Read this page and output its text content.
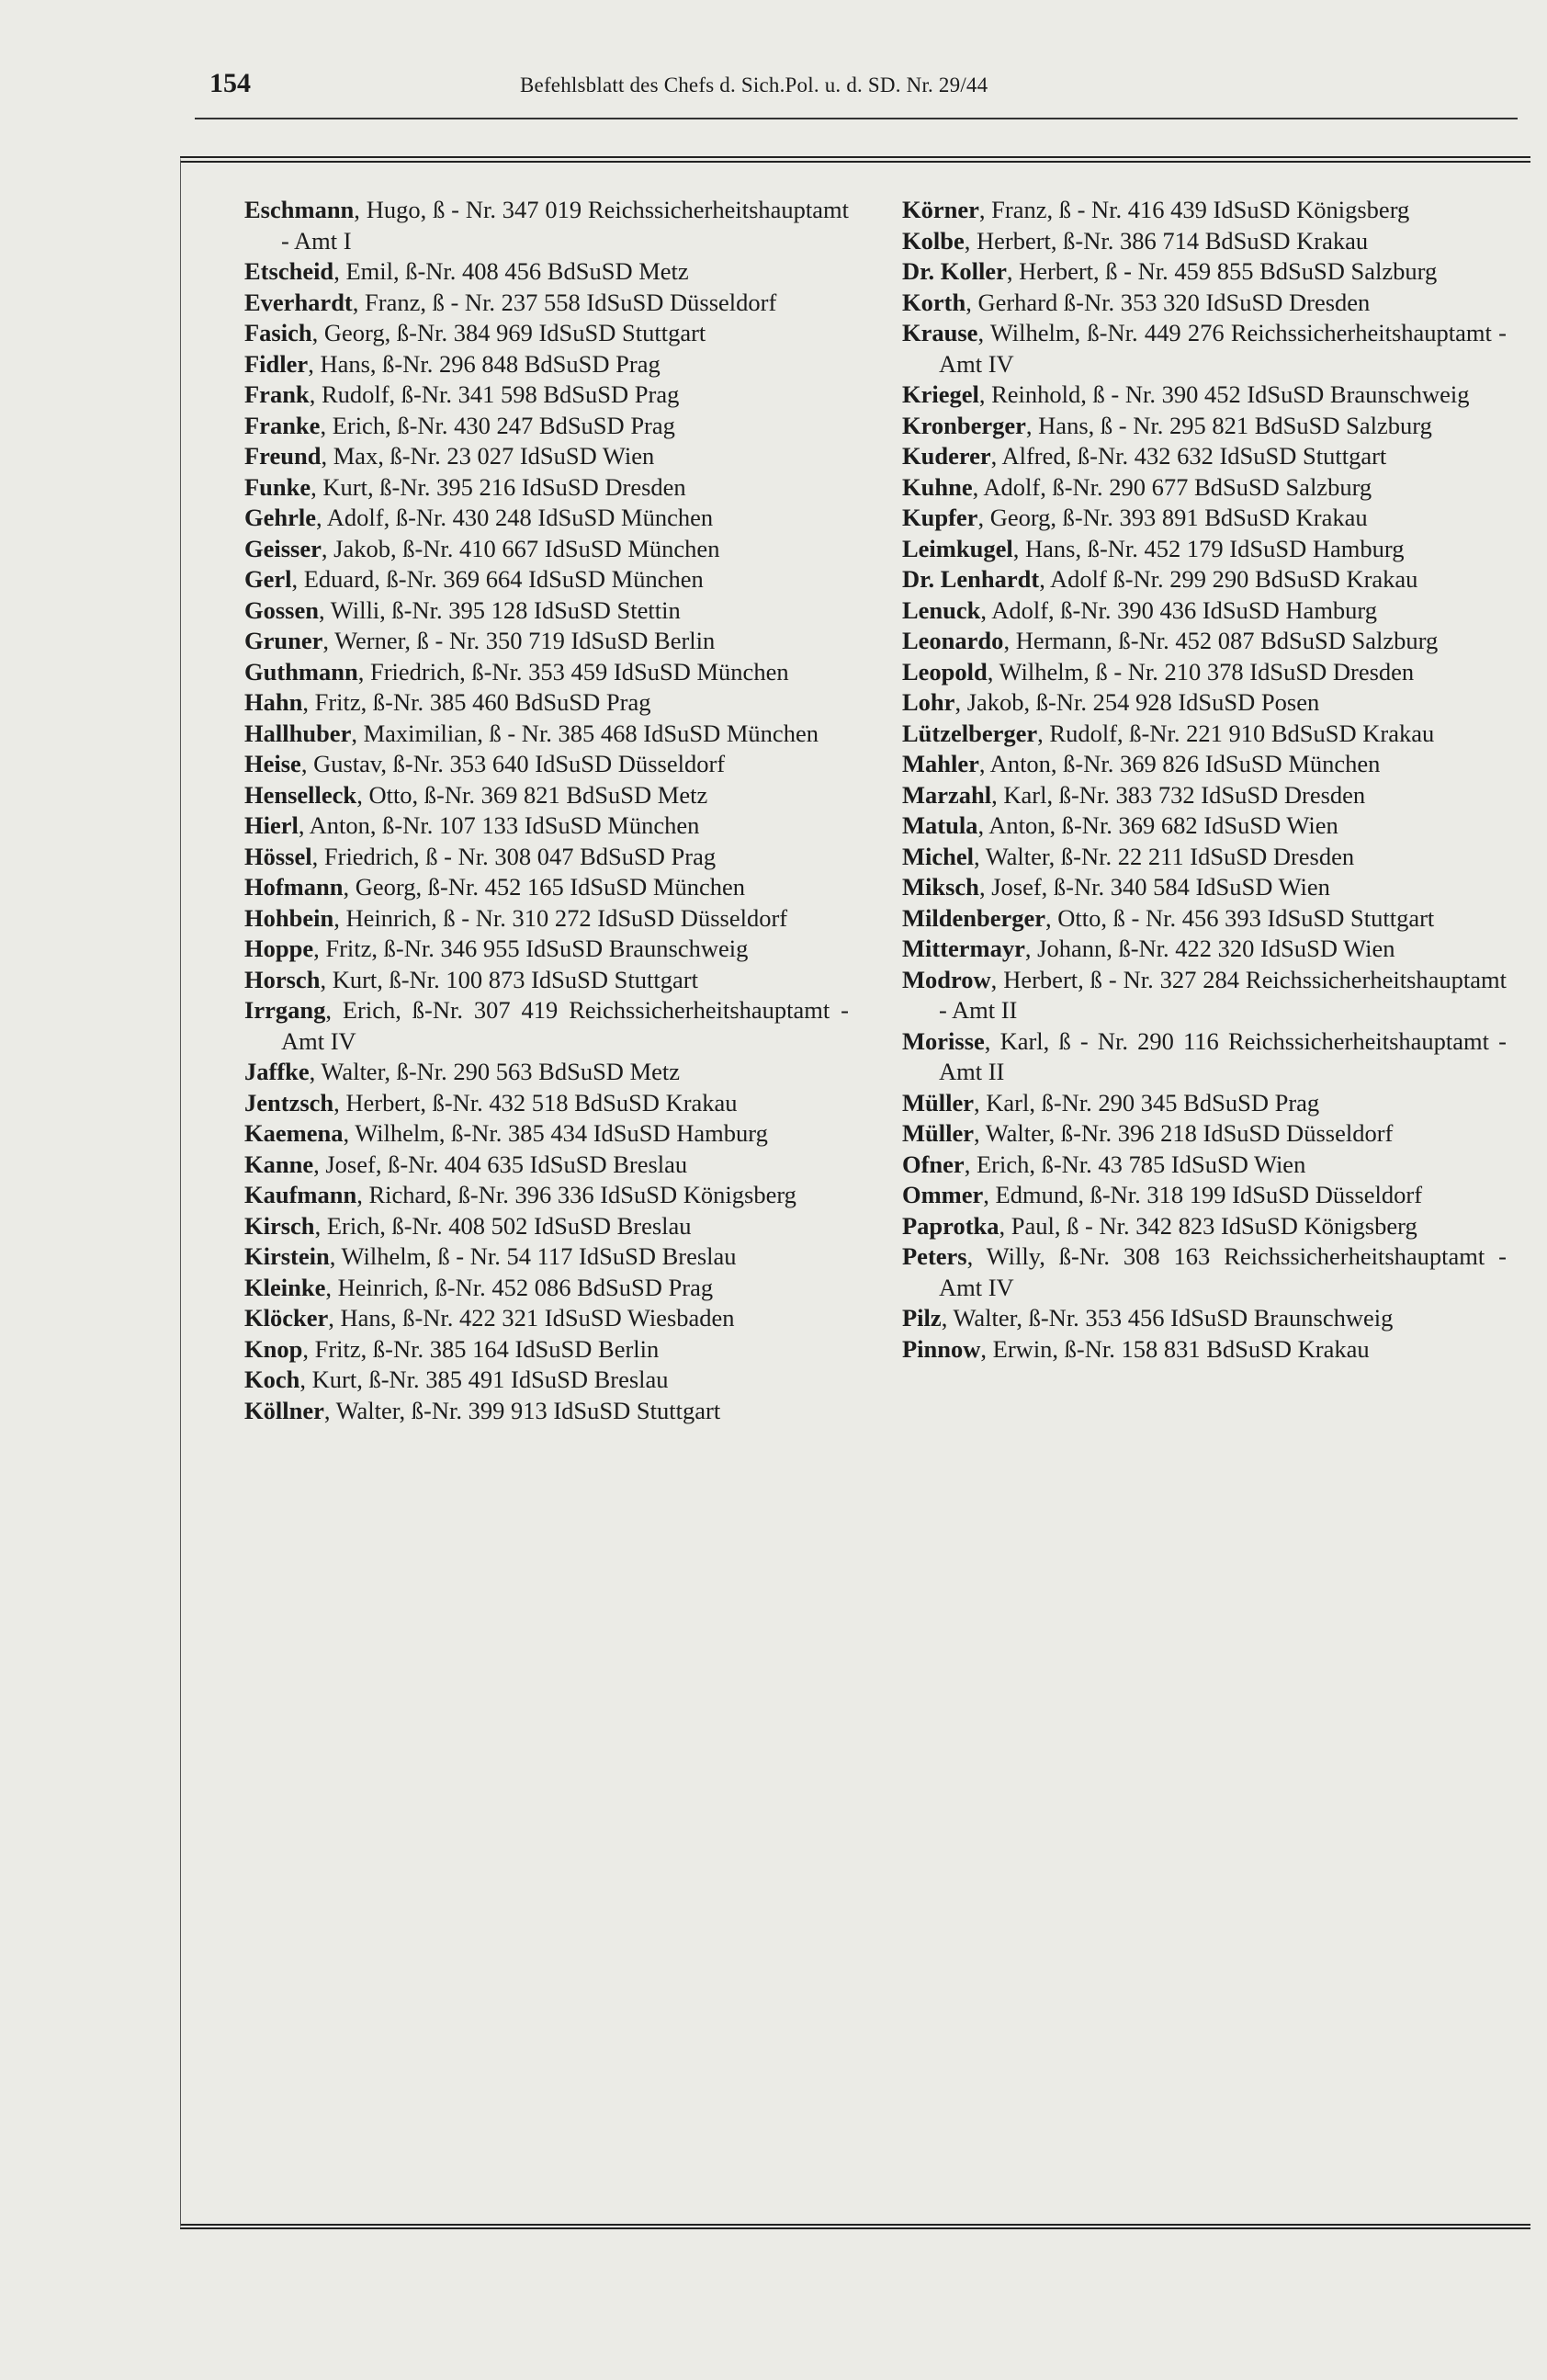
154	Befehlsblatt des Chefs d. Sich.Pol. u. d. SD. Nr. 29/44
Eschmann, Hugo, ß - Nr. 347 019 Reichssicherheitshauptamt - Amt I
Etscheid, Emil, ß-Nr. 408 456 BdSuSD Metz
Everhardt, Franz, ß - Nr. 237 558 IdSuSD Düsseldorf
Fasich, Georg, ß-Nr. 384 969 IdSuSD Stuttgart
Fidler, Hans, ß-Nr. 296 848 BdSuSD Prag
Frank, Rudolf, ß-Nr. 341 598 BdSuSD Prag
Franke, Erich, ß-Nr. 430 247 BdSuSD Prag
Freund, Max, ß-Nr. 23 027 IdSuSD Wien
Funke, Kurt, ß-Nr. 395 216 IdSuSD Dresden
Gehrle, Adolf, ß-Nr. 430 248 IdSuSD München
Geisser, Jakob, ß-Nr. 410 667 IdSuSD München
Gerl, Eduard, ß-Nr. 369 664 IdSuSD München
Gossen, Willi, ß-Nr. 395 128 IdSuSD Stettin
Gruner, Werner, ß - Nr. 350 719 IdSuSD Berlin
Guthmann, Friedrich, ß-Nr. 353 459 IdSuSD München
Hahn, Fritz, ß-Nr. 385 460 BdSuSD Prag
Hallhuber, Maximilian, ß - Nr. 385 468 IdSuSD München
Heise, Gustav, ß-Nr. 353 640 IdSuSD Düsseldorf
Henselleck, Otto, ß-Nr. 369 821 BdSuSD Metz
Hierl, Anton, ß-Nr. 107 133 IdSuSD München
Hössel, Friedrich, ß - Nr. 308 047 BdSuSD Prag
Hofmann, Georg, ß-Nr. 452 165 IdSuSD München
Hohbein, Heinrich, ß - Nr. 310 272 IdSuSD Düsseldorf
Hoppe, Fritz, ß-Nr. 346 955 IdSuSD Braunschweig
Horsch, Kurt, ß-Nr. 100 873 IdSuSD Stuttgart
Irrgang, Erich, ß-Nr. 307 419 Reichssicherheitshauptamt - Amt IV
Jaffke, Walter, ß-Nr. 290 563 BdSuSD Metz
Jentzsch, Herbert, ß-Nr. 432 518 BdSuSD Krakau
Kaemena, Wilhelm, ß-Nr. 385 434 IdSuSD Hamburg
Kanne, Josef, ß-Nr. 404 635 IdSuSD Breslau
Kaufmann, Richard, ß-Nr. 396 336 IdSuSD Königsberg
Kirsch, Erich, ß-Nr. 408 502 IdSuSD Breslau
Kirstein, Wilhelm, ß - Nr. 54 117 IdSuSD Breslau
Kleinke, Heinrich, ß-Nr. 452 086 BdSuSD Prag
Klöcker, Hans, ß-Nr. 422 321 IdSuSD Wiesbaden
Knop, Fritz, ß-Nr. 385 164 IdSuSD Berlin
Koch, Kurt, ß-Nr. 385 491 IdSuSD Breslau
Köllner, Walter, ß-Nr. 399 913 IdSuSD Stuttgart
Körner, Franz, ß - Nr. 416 439 IdSuSD Königsberg
Kolbe, Herbert, ß-Nr. 386 714 BdSuSD Krakau
Dr. Koller, Herbert, ß - Nr. 459 855 BdSuSD Salzburg
Korth, Gerhard ß-Nr. 353 320 IdSuSD Dresden
Krause, Wilhelm, ß-Nr. 449 276 Reichssicherheitshauptamt - Amt IV
Kriegel, Reinhold, ß - Nr. 390 452 IdSuSD Braunschweig
Kronberger, Hans, ß - Nr. 295 821 BdSuSD Salzburg
Kuderer, Alfred, ß-Nr. 432 632 IdSuSD Stuttgart
Kuhne, Adolf, ß-Nr. 290 677 BdSuSD Salzburg
Kupfer, Georg, ß-Nr. 393 891 BdSuSD Krakau
Leimkugel, Hans, ß-Nr. 452 179 IdSuSD Hamburg
Dr. Lenhardt, Adolf ß-Nr. 299 290 BdSuSD Krakau
Lenuck, Adolf, ß-Nr. 390 436 IdSuSD Hamburg
Leonardo, Hermann, ß-Nr. 452 087 BdSuSD Salzburg
Leopold, Wilhelm, ß - Nr. 210 378 IdSuSD Dresden
Lohr, Jakob, ß-Nr. 254 928 IdSuSD Posen
Lützelberger, Rudolf, ß-Nr. 221 910 BdSuSD Krakau
Mahler, Anton, ß-Nr. 369 826 IdSuSD München
Marzahl, Karl, ß-Nr. 383 732 IdSuSD Dresden
Matula, Anton, ß-Nr. 369 682 IdSuSD Wien
Michel, Walter, ß-Nr. 22 211 IdSuSD Dresden
Miksch, Josef, ß-Nr. 340 584 IdSuSD Wien
Mildenberger, Otto, ß - Nr. 456 393 IdSuSD Stuttgart
Mittermayr, Johann, ß-Nr. 422 320 IdSuSD Wien
Modrow, Herbert, ß - Nr. 327 284 Reichssicherheitshauptamt - Amt II
Morisse, Karl, ß - Nr. 290 116 Reichssicherheitshauptamt - Amt II
Müller, Karl, ß-Nr. 290 345 BdSuSD Prag
Müller, Walter, ß-Nr. 396 218 IdSuSD Düsseldorf
Ofner, Erich, ß-Nr. 43 785 IdSuSD Wien
Ommer, Edmund, ß-Nr. 318 199 IdSuSD Düsseldorf
Paprotka, Paul, ß - Nr. 342 823 IdSuSD Königsberg
Peters, Willy, ß-Nr. 308 163 Reichssicherheitshauptamt - Amt IV
Pilz, Walter, ß-Nr. 353 456 IdSuSD Braunschweig
Pinnow, Erwin, ß-Nr. 158 831 BdSuSD Krakau
